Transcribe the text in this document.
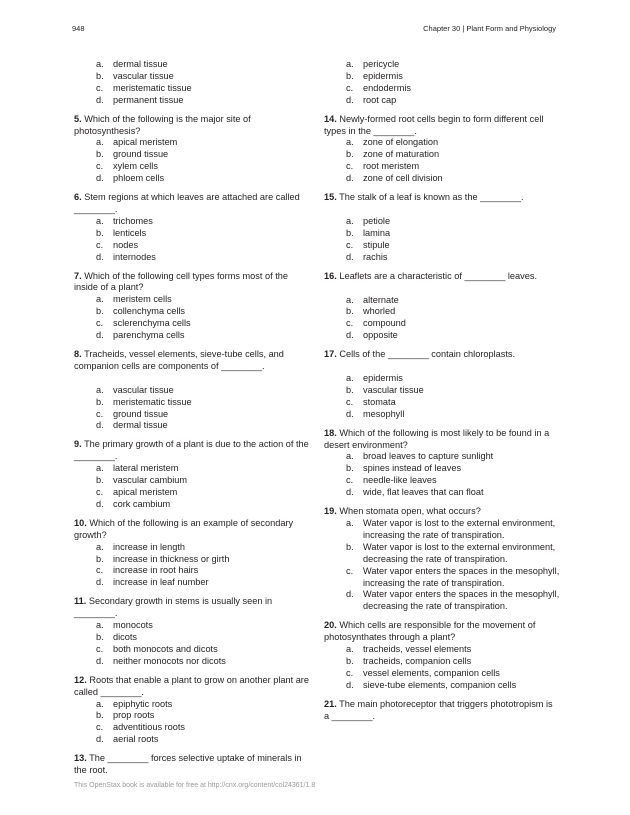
948	Chapter 30 | Plant Form and Physiology
a.	dermal tissue
b.	vascular tissue
c.	meristematic tissue
d.	permanent tissue
5. Which of the following is the major site of photosynthesis?
a.	apical meristem
b.	ground tissue
c.	xylem cells
d.	phloem cells
6. Stem regions at which leaves are attached are called ________.
a.	trichomes
b.	lenticels
c.	nodes
d.	internodes
7. Which of the following cell types forms most of the inside of a plant?
a.	meristem cells
b.	collenchyma cells
c.	sclerenchyma cells
d.	parenchyma cells
8. Tracheids, vessel elements, sieve-tube cells, and companion cells are components of ________.
a.	vascular tissue
b.	meristematic tissue
c.	ground tissue
d.	dermal tissue
9. The primary growth of a plant is due to the action of the ________.
a.	lateral meristem
b.	vascular cambium
c.	apical meristem
d.	cork cambium
10. Which of the following is an example of secondary growth?
a.	increase in length
b.	increase in thickness or girth
c.	increase in root hairs
d.	increase in leaf number
11. Secondary growth in stems is usually seen in ________.
a.	monocots
b.	dicots
c.	both monocots and dicots
d.	neither monocots nor dicots
12. Roots that enable a plant to grow on another plant are called ________.
a.	epiphytic roots
b.	prop roots
c.	adventitious roots
d.	aerial roots
13. The ________ forces selective uptake of minerals in the root.
a.	pericycle
b.	epidermis
c.	endodermis
d.	root cap
14. Newly-formed root cells begin to form different cell types in the ________.
a.	zone of elongation
b.	zone of maturation
c.	root meristem
d.	zone of cell division
15. The stalk of a leaf is known as the ________.
a.	petiole
b.	lamina
c.	stipule
d.	rachis
16. Leaflets are a characteristic of ________ leaves.
a.	alternate
b.	whorled
c.	compound
d.	opposite
17. Cells of the ________ contain chloroplasts.
a.	epidermis
b.	vascular tissue
c.	stomata
d.	mesophyll
18. Which of the following is most likely to be found in a desert environment?
a.	broad leaves to capture sunlight
b.	spines instead of leaves
c.	needle-like leaves
d.	wide, flat leaves that can float
19. When stomata open, what occurs?
a.	Water vapor is lost to the external environment, increasing the rate of transpiration.
b.	Water vapor is lost to the external environment, decreasing the rate of transpiration.
c.	Water vapor enters the spaces in the mesophyll, increasing the rate of transpiration.
d.	Water vapor enters the spaces in the mesophyll, decreasing the rate of transpiration.
20. Which cells are responsible for the movement of photosynthates through a plant?
a.	tracheids, vessel elements
b.	tracheids, companion cells
c.	vessel elements, companion cells
d.	sieve-tube elements, companion cells
21. The main photoreceptor that triggers phototropism is a ________.
This OpenStax book is available for free at http://cnx.org/content/col24361/1.8
